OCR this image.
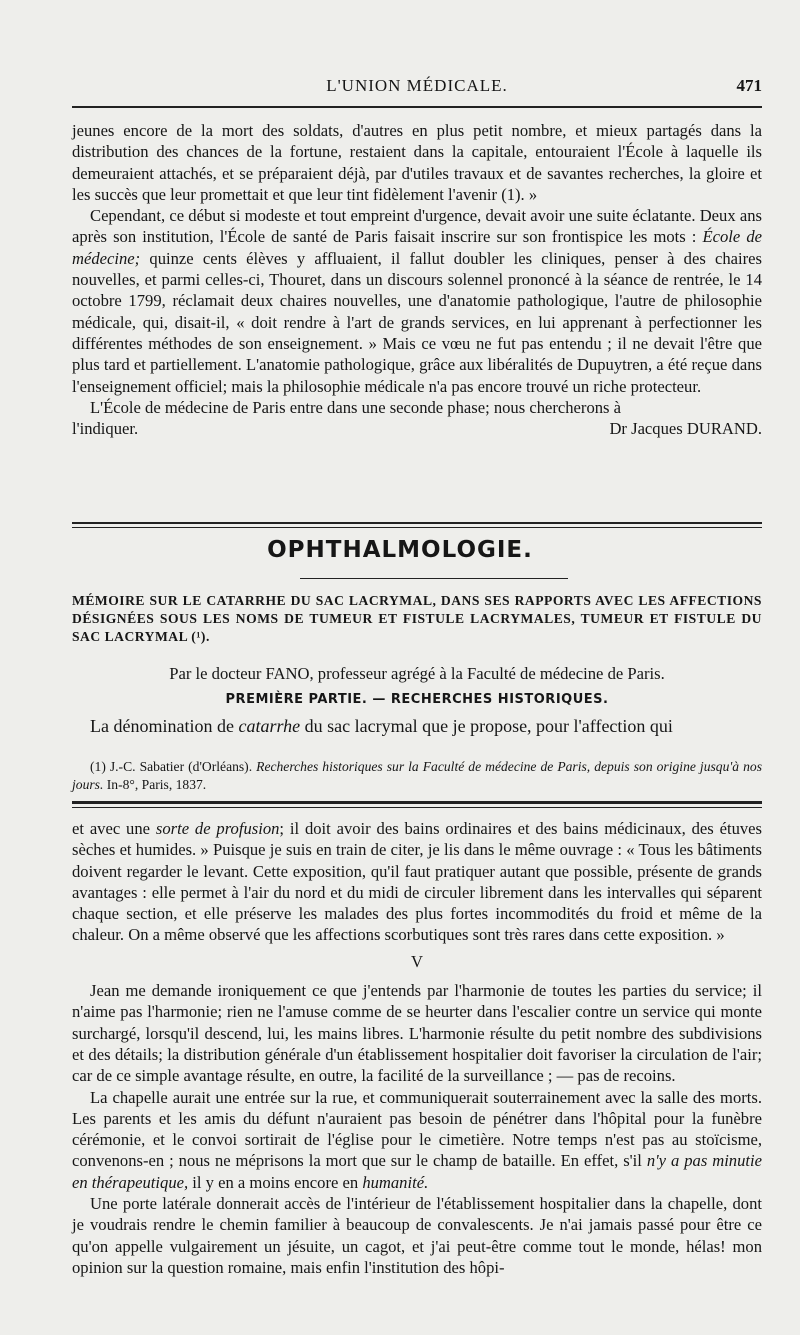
L'UNION MÉDICALE.	471

jeunes encore de la mort des soldats, d'autres en plus petit nombre, et mieux partagés dans la distribution des chances de la fortune, restaient dans la capitale, entouraient l'École à laquelle ils demeuraient attachés, et se préparaient déjà, par d'utiles travaux et de savantes recherches, la gloire et les succès que leur promettait et que leur tint fidèlement l'avenir (1). »

Cependant, ce début si modeste et tout empreint d'urgence, devait avoir une suite éclatante. Deux ans après son institution, l'École de santé de Paris faisait inscrire sur son frontispice les mots : École de médecine; quinze cents élèves y affluaient, il fallut doubler les cliniques, penser à des chaires nouvelles, et parmi celles-ci, Thouret, dans un discours solennel prononcé à la séance de rentrée, le 14 octobre 1799, réclamait deux chaires nouvelles, une d'anatomie pathologique, l'autre de philosophie médicale, qui, disait-il, « doit rendre à l'art de grands services, en lui apprenant à perfectionner les différentes méthodes de son enseignement. » Mais ce vœu ne fut pas entendu ; il ne devait l'être que plus tard et partiellement. L'anatomie pathologique, grâce aux libéralités de Dupuytren, a été reçue dans l'enseignement officiel; mais la philosophie médicale n'a pas encore trouvé un riche protecteur.

L'École de médecine de Paris entre dans une seconde phase; nous chercherons à

l'indiquer.	Dr Jacques DURAND.
OPHTHALMOLOGIE.
MÉMOIRE SUR LE CATARRHE DU SAC LACRYMAL, DANS SES RAPPORTS AVEC LES AFFECTIONS DÉSIGNÉES SOUS LES NOMS DE TUMEUR ET FISTULE LACRYMALES, TUMEUR ET FISTULE DU SAC LACRYMAL (¹).
Par le docteur FANO, professeur agrégé à la Faculté de médecine de Paris.
PREMIÈRE PARTIE. — RECHERCHES HISTORIQUES.
La dénomination de catarrhe du sac lacrymal que je propose, pour l'affection qui

(1) J.-C. Sabatier (d'Orléans). Recherches historiques sur la Faculté de médecine de Paris, depuis son origine jusqu'à nos jours. In-8°, Paris, 1837.

et avec une sorte de profusion; il doit avoir des bains ordinaires et des bains médicinaux, des étuves sèches et humides. » Puisque je suis en train de citer, je lis dans le même ouvrage : « Tous les bâtiments doivent regarder le levant. Cette exposition, qu'il faut pratiquer autant que possible, présente de grands avantages : elle permet à l'air du nord et du midi de circuler librement dans les intervalles qui séparent chaque section, et elle préserve les malades des plus fortes incommodités du froid et même de la chaleur. On a même observé que les affections scorbutiques sont très rares dans cette exposition. »

V

Jean me demande ironiquement ce que j'entends par l'harmonie de toutes les parties du service; il n'aime pas l'harmonie; rien ne l'amuse comme de se heurter dans l'escalier contre un service qui monte surchargé, lorsqu'il descend, lui, les mains libres. L'harmonie résulte du petit nombre des subdivisions et des détails; la distribution générale d'un établissement hospitalier doit favoriser la circulation de l'air; car de ce simple avantage résulte, en outre, la facilité de la surveillance ; — pas de recoins.

La chapelle aurait une entrée sur la rue, et communiquerait souterrainement avec la salle des morts. Les parents et les amis du défunt n'auraient pas besoin de pénétrer dans l'hôpital pour la funèbre cérémonie, et le convoi sortirait de l'église pour le cimetière. Notre temps n'est pas au stoïcisme, convenons-en ; nous ne méprisons la mort que sur le champ de bataille. En effet, s'il n'y a pas minutie en thérapeutique, il y en a moins encore en humanité.

Une porte latérale donnerait accès de l'intérieur de l'établissement hospitalier dans la chapelle, dont je voudrais rendre le chemin familier à beaucoup de convalescents. Je n'ai jamais passé pour être ce qu'on appelle vulgairement un jésuite, un cagot, et j'ai peut-être comme tout le monde, hélas! mon opinion sur la question romaine, mais enfin l'institution des hôpi-
